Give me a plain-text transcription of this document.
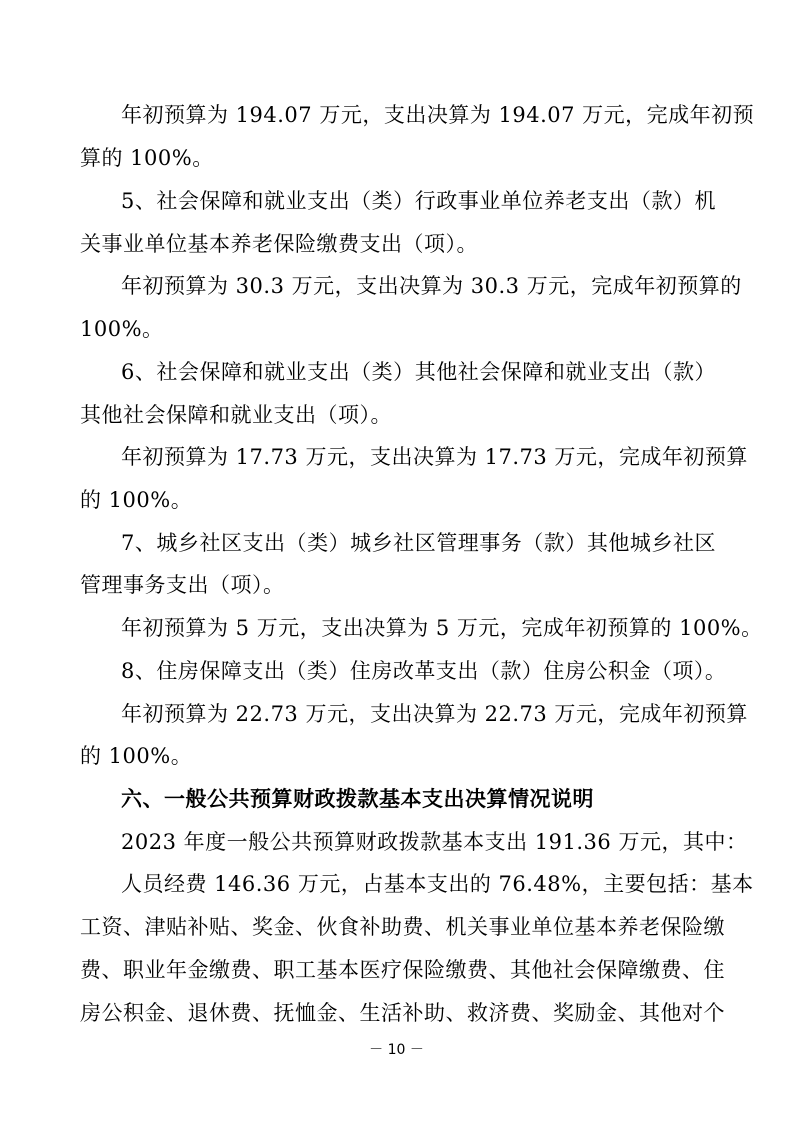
年初预算为 194.07 万元，支出决算为 194.07 万元，完成年初预
算的 100%。
5、社会保障和就业支出（类）行政事业单位养老支出（款）机
关事业单位基本养老保险缴费支出（项）。
年初预算为 30.3 万元，支出决算为 30.3 万元，完成年初预算的
100%。
6、社会保障和就业支出（类）其他社会保障和就业支出（款）
其他社会保障和就业支出（项）。
年初预算为 17.73 万元，支出决算为 17.73 万元，完成年初预算
的 100%。
7、城乡社区支出（类）城乡社区管理事务（款）其他城乡社区
管理事务支出（项）。
年初预算为 5 万元，支出决算为 5 万元，完成年初预算的 100%。
8、住房保障支出（类）住房改革支出（款）住房公积金（项）。
年初预算为 22.73 万元，支出决算为 22.73 万元，完成年初预算
的 100%。
六、一般公共预算财政拨款基本支出决算情况说明
2023 年度一般公共预算财政拨款基本支出 191.36 万元，其中：
人员经费 146.36 万元，占基本支出的 76.48%，主要包括：基本
工资、津贴补贴、奖金、伙食补助费、机关事业单位基本养老保险缴
费、职业年金缴费、职工基本医疗保险缴费、其他社会保障缴费、住
房公积金、退休费、抚恤金、生活补助、救济费、奖励金、其他对个
－ 10 －
